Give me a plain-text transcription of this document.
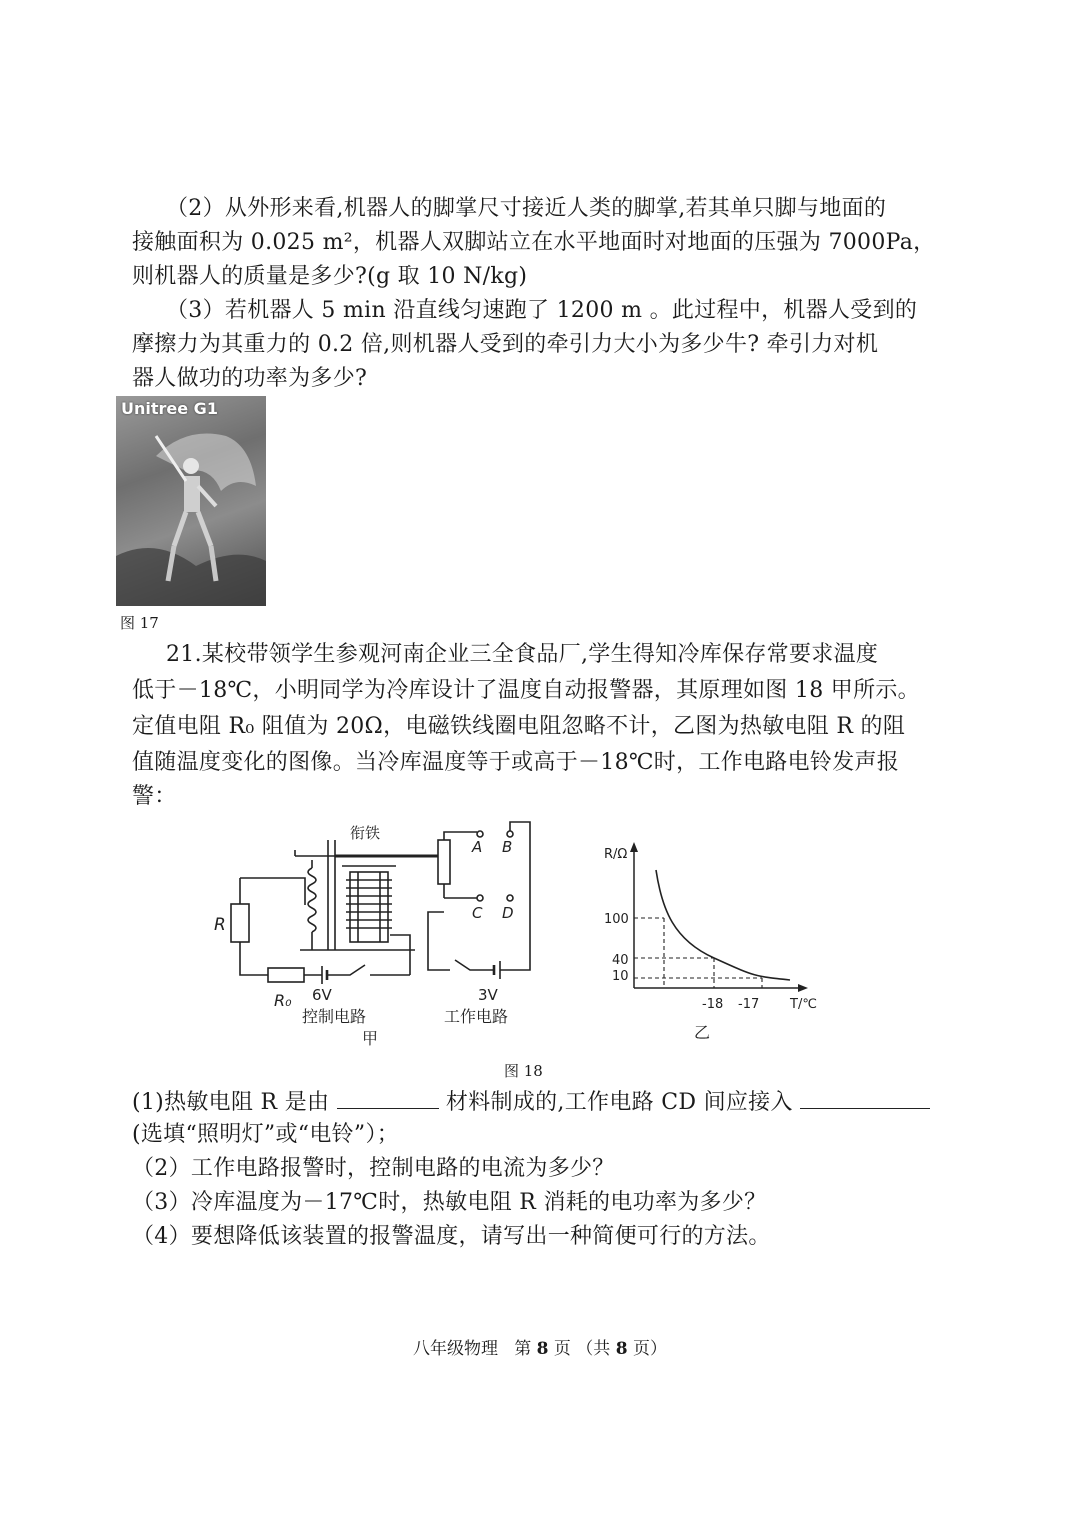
（2）从外形来看,机器人的脚掌尺寸接近人类的脚掌,若其单只脚与地面的
接触面积为 0.025 m²，机器人双脚站立在水平地面时对地面的压强为 7000Pa，
则机器人的质量是多少?(g 取 10 N/kg)
（3）若机器人 5 min 沿直线匀速跑了 1200 m 。此过程中，机器人受到的
摩擦力为其重力的 0.2 倍,则机器人受到的牵引力大小为多少牛? 牵引力对机
器人做功的功率为多少?
Unitree G1
图 17
21.某校带领学生参观河南企业三全食品厂,学生得知冷库保存常要求温度
低于－18℃，小明同学为冷库设计了温度自动报警器，其原理如图 18 甲所示。
定值电阻 R₀ 阻值为 20Ω，电磁铁线圈电阻忽略不计，乙图为热敏电阻 R 的阻
值随温度变化的图像。当冷库温度等于或高于－18℃时，工作电路电铃发声报
警：
衔铁
A B
C D
R
R₀ 6V	3V
控制电路	工作电路
甲
R/Ω
T/℃
100
40
10
-18 -17
乙
图 18
(1)热敏电阻 R 是由	材料制成的,工作电路 CD 间应接入
(选填“照明灯”或“电铃”）；
（2）工作电路报警时，控制电路的电流为多少？
（3）冷库温度为－17℃时，热敏电阻 R 消耗的电功率为多少？
（4）要想降低该装置的报警温度，请写出一种简便可行的方法。
八年级物理 第 8 页 （共 8 页）
